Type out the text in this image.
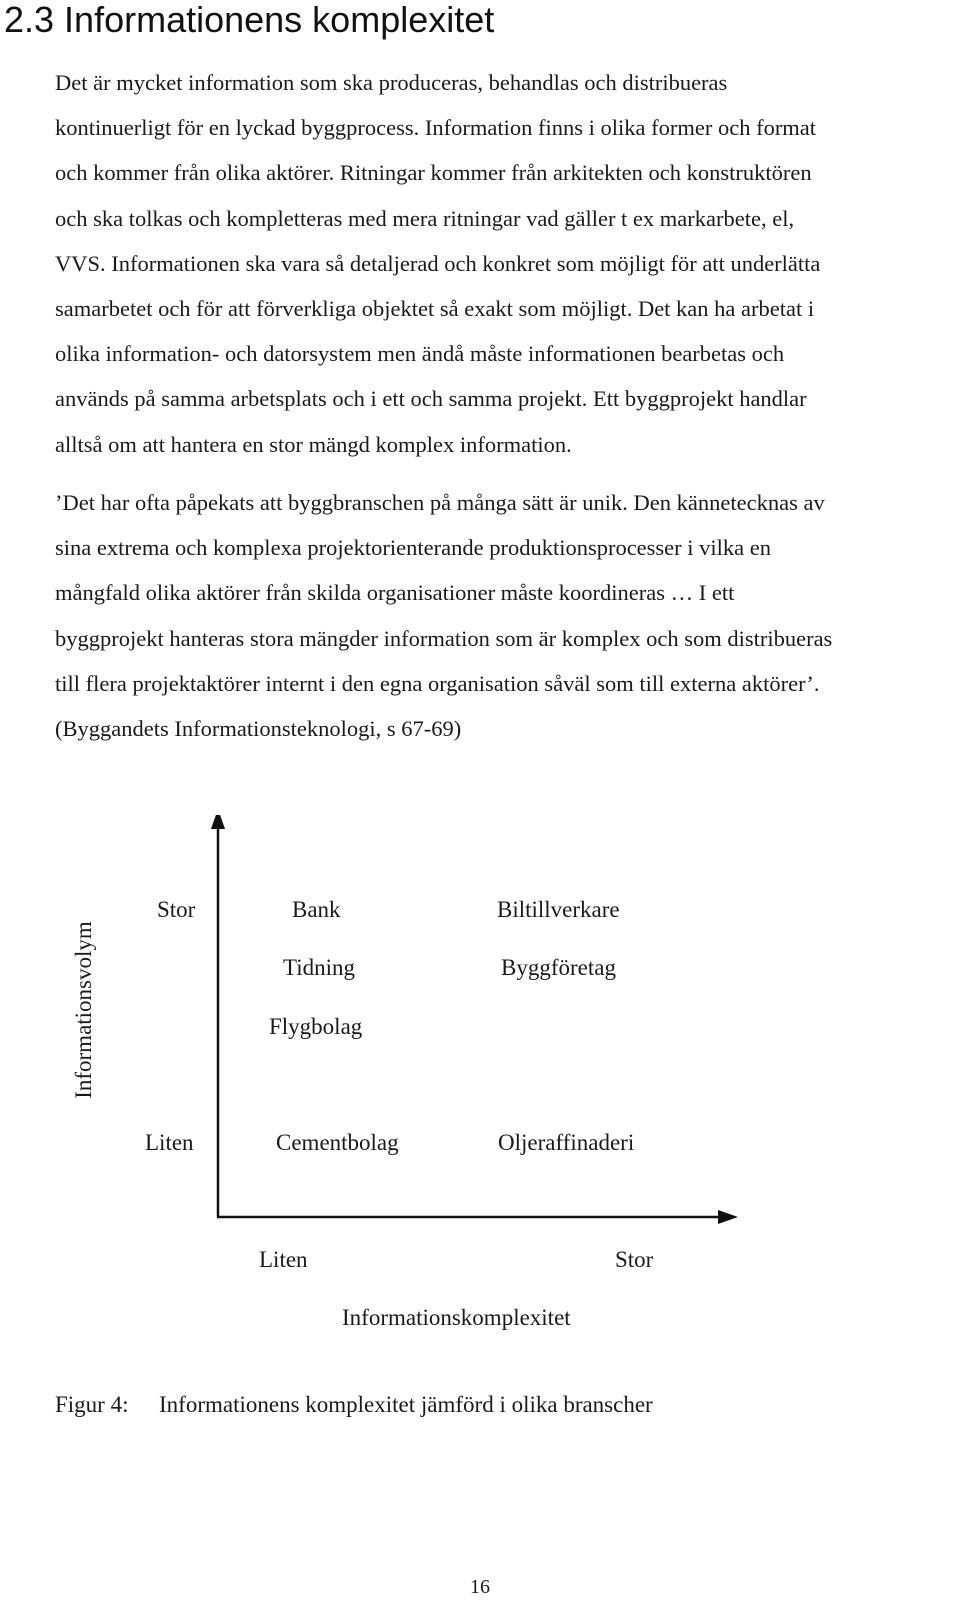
2.3 Informationens komplexitet
Det är mycket information som ska produceras, behandlas och distribueras
kontinuerligt för en lyckad byggprocess. Information finns i olika former och format
och kommer från olika aktörer. Ritningar kommer från arkitekten och konstruktören
och ska tolkas och kompletteras med mera ritningar vad gäller t ex markarbete, el,
VVS. Informationen ska vara så detaljerad och konkret som möjligt för att underlätta
samarbetet och för att förverkliga objektet så exakt som möjligt. Det kan ha arbetat i
olika information- och datorsystem men ändå måste informationen bearbetas och
används på samma arbetsplats och i ett och samma projekt. Ett byggprojekt handlar
alltså om att hantera en stor mängd komplex information.
’Det har ofta påpekats att byggbranschen på många sätt är unik. Den kännetecknas av
sina extrema och komplexa projektorienterande produktionsprocesser i vilka en
mångfald olika aktörer från skilda organisationer måste koordineras … I ett
byggprojekt hanteras stora mängder information som är komplex och som distribueras
till flera projektaktörer internt i den egna organisation såväl som till externa aktörer’.
(Byggandets Informationsteknologi, s 67-69)
Informationsvolym
Stor
Liten
Bank
Tidning
Flygbolag
Biltillverkare
Byggföretag
Cementbolag	Oljeraffinaderi
Liten	Stor
Informationskomplexitet

Figur 4: Informationens komplexitet jämförd i olika branscher

16
